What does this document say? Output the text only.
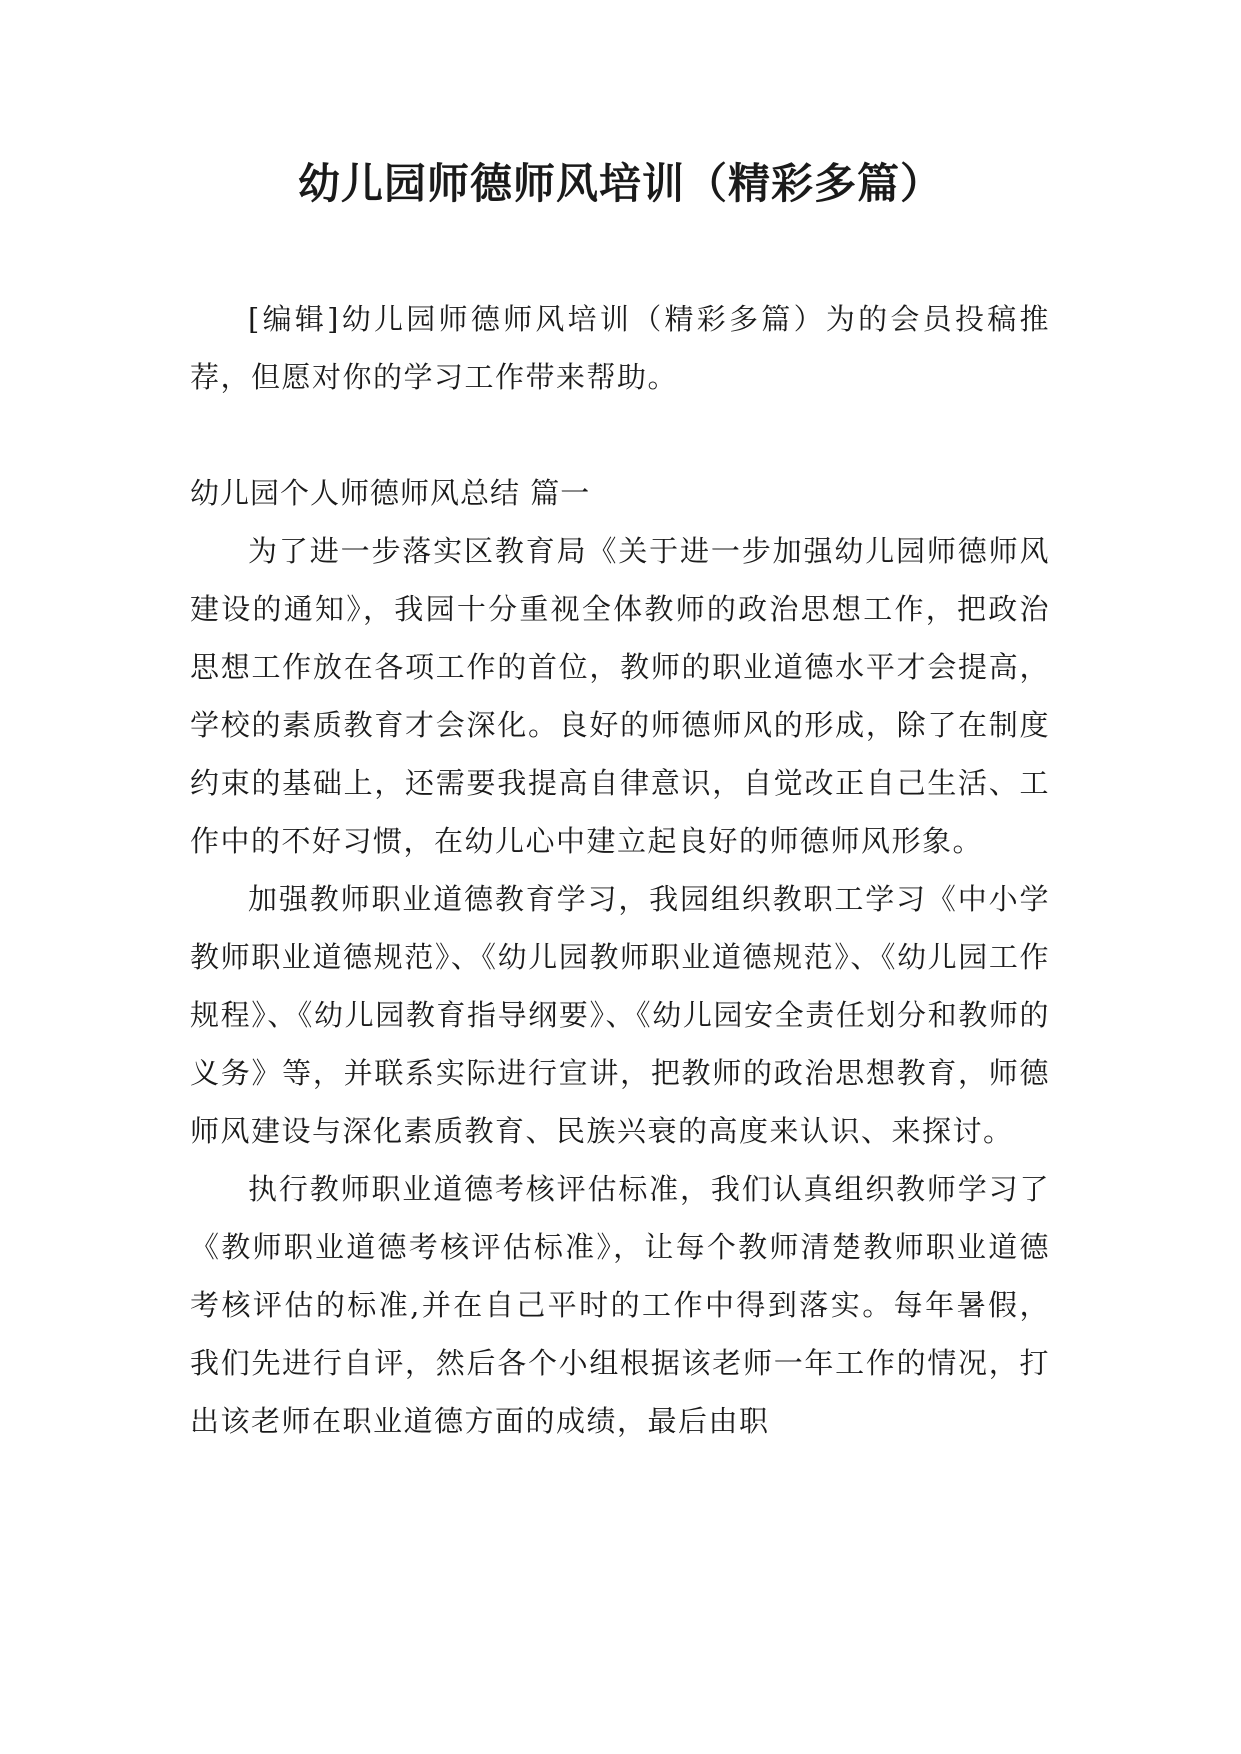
幼儿园师德师风培训（精彩多篇）

[编辑]幼儿园师德师风培训（精彩多篇）为的会员投稿推荐，但愿对你的学习工作带来帮助。

幼儿园个人师德师风总结 篇一

为了进一步落实区教育局《关于进一步加强幼儿园师德师风建设的通知》，我园十分重视全体教师的政治思想工作，把政治思想工作放在各项工作的首位，教师的职业道德水平才会提高，学校的素质教育才会深化。良好的师德师风的形成，除了在制度约束的基础上，还需要我提高自律意识，自觉改正自己生活、工作中的不好习惯，在幼儿心中建立起良好的师德师风形象。

加强教师职业道德教育学习，我园组织教职工学习《中小学教师职业道德规范》、《幼儿园教师职业道德规范》、《幼儿园工作规程》、《幼儿园教育指导纲要》、《幼儿园安全责任划分和教师的义务》等，并联系实际进行宣讲，把教师的政治思想教育，师德师风建设与深化素质教育、民族兴衰的高度来认识、来探讨。

执行教师职业道德考核评估标准，我们认真组织教师学习了《教师职业道德考核评估标准》，让每个教师清楚教师职业道德考核评估的标准,并在自己平时的工作中得到落实。每年暑假，我们先进行自评，然后各个小组根据该老师一年工作的情况，打出该老师在职业道德方面的成绩，最后由职
